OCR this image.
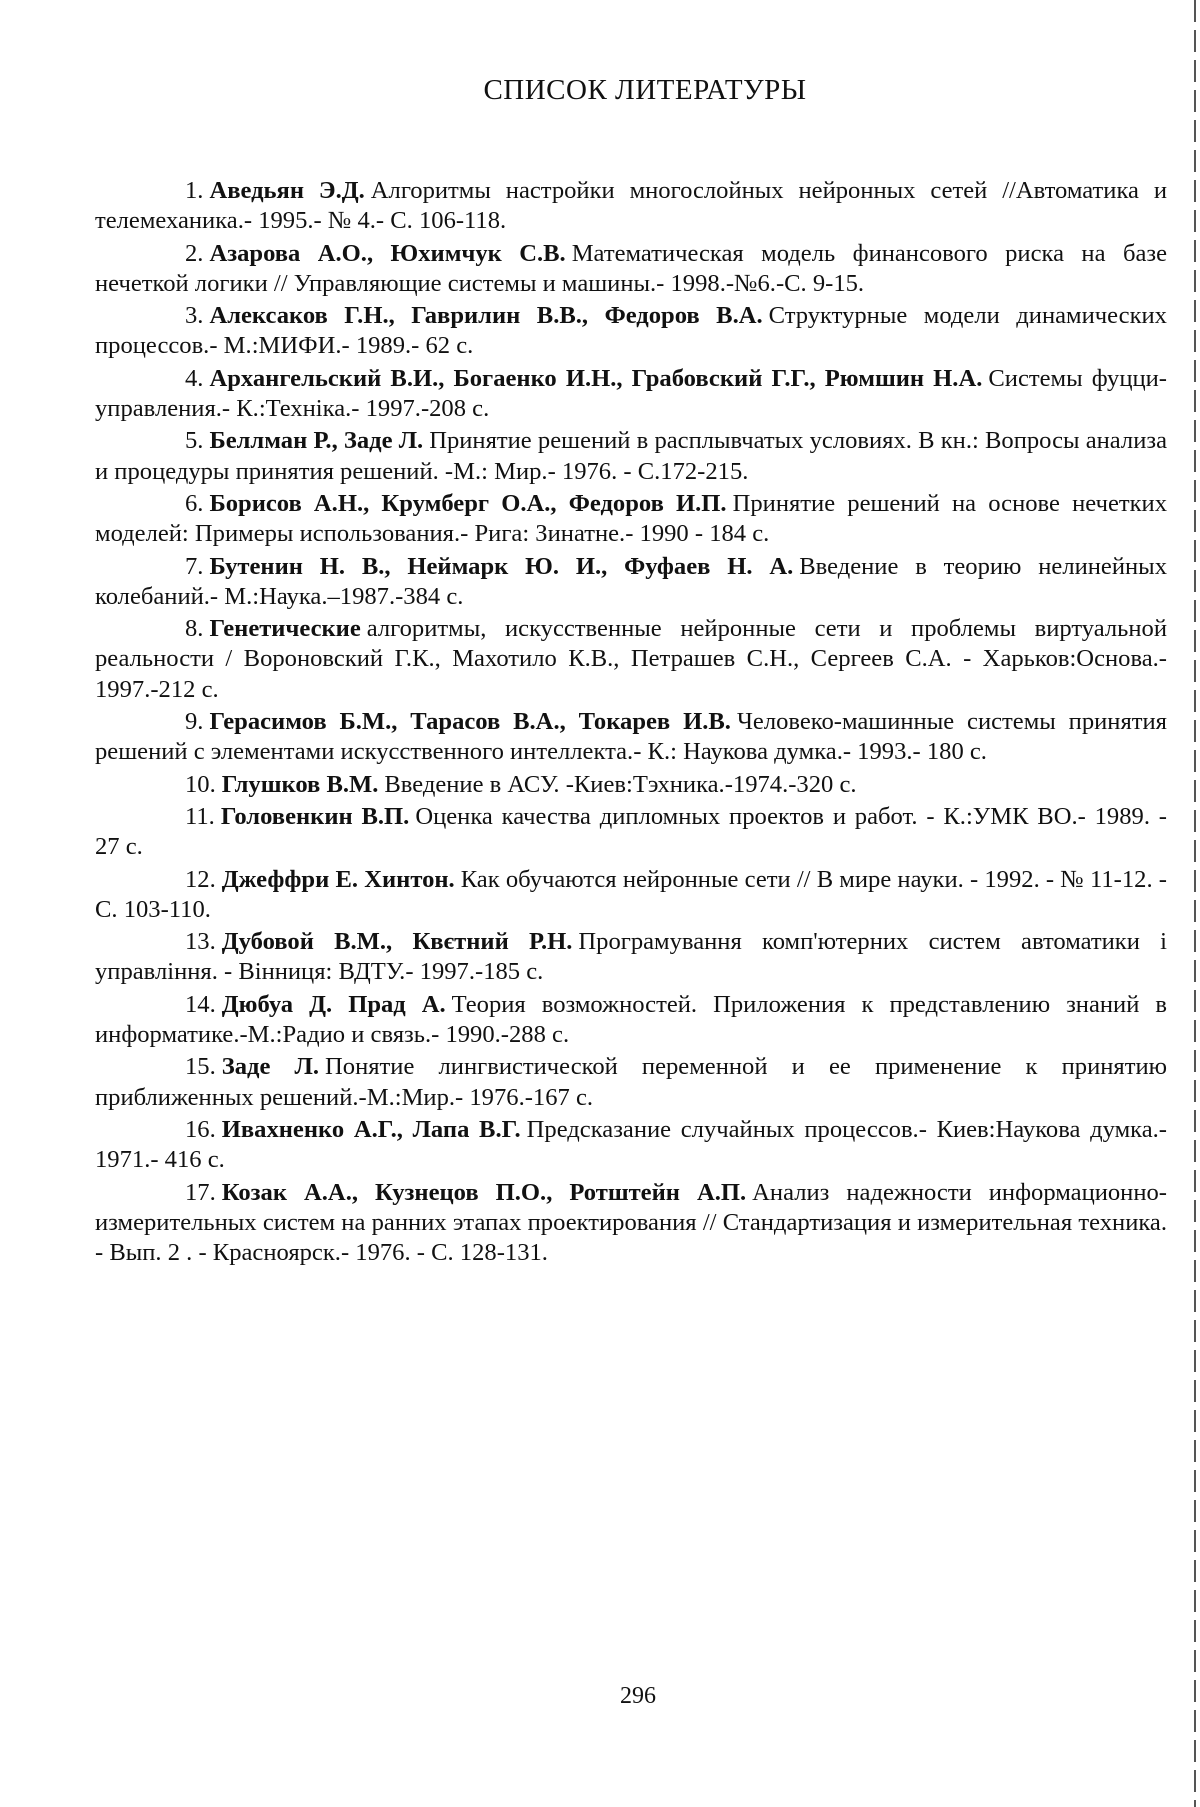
СПИСОК ЛИТЕРАТУРЫ

1. Аведьян Э.Д. Алгоритмы настройки многослойных нейронных сетей //Автоматика и телемеханика.- 1995.- № 4.- С. 106-118.

2. Азарова А.О., Юхимчук С.В. Математическая модель финансового риска на базе нечеткой логики // Управляющие системы и машины.- 1998.-№6.-С. 9-15.

3. Алексаков Г.Н., Гаврилин В.В., Федоров В.А. Структурные модели динамических процессов.- М.:МИФИ.- 1989.- 62 с.

4. Архангельский В.И., Богаенко И.Н., Грабовский Г.Г., Рюмшин Н.А. Системы фуцци-управления.- К.:Техніка.- 1997.-208 с.

5. Беллман Р., Заде Л. Принятие решений в расплывчатых условиях. В кн.: Вопросы анализа и процедуры принятия решений. -М.: Мир.- 1976. - С.172-215.

6. Борисов А.Н., Крумберг О.А., Федоров И.П. Принятие решений на основе нечетких моделей: Примеры использования.- Рига: Зинатне.- 1990 - 184 с.

7. Бутенин Н. В., Неймарк Ю. И., Фуфаев Н. А. Введение в теорию нелинейных колебаний.- М.:Наука.–1987.-384 с.

8. Генетические алгоритмы, искусственные нейронные сети и проблемы виртуальной реальности / Вороновский Г.К., Махотило К.В., Петрашев С.Н., Сергеев С.А. - Харьков:Основа.- 1997.-212 с.

9. Герасимов Б.М., Тарасов В.А., Токарев И.В. Человеко-машинные системы принятия решений с элементами искусственного интеллекта.- К.: Наукова думка.- 1993.- 180 с.

10. Глушков В.М. Введение в АСУ. -Киев:Тэхника.-1974.-320 с.

11. Головенкин В.П. Оценка качества дипломных проектов и работ. - К.:УМК ВО.- 1989. - 27 с.

12. Джеффри Е. Хинтон. Как обучаются нейронные сети // В мире науки. - 1992. - № 11-12. - С. 103-110.

13. Дубовой В.М., Квєтний Р.Н. Програмування комп'ютерних систем автоматики і управління. - Вінниця: ВДТУ.- 1997.-185 с.

14. Дюбуа Д. Прад А. Теория возможностей. Приложения к представлению знаний в информатике.-М.:Радио и связь.- 1990.-288 с.

15. Заде Л. Понятие лингвистической переменной и ее применение к принятию приближенных решений.-М.:Мир.- 1976.-167 с.

16. Ивахненко А.Г., Лапа В.Г. Предсказание случайных процессов.- Киев:Наукова думка.- 1971.- 416 с.

17. Козак А.А., Кузнецов П.О., Ротштейн А.П. Анализ надежности информационно-измерительных систем на ранних этапах проектирования // Стандартизация и измерительная техника. - Вып. 2 . - Красноярск.- 1976. - С. 128-131.

296
